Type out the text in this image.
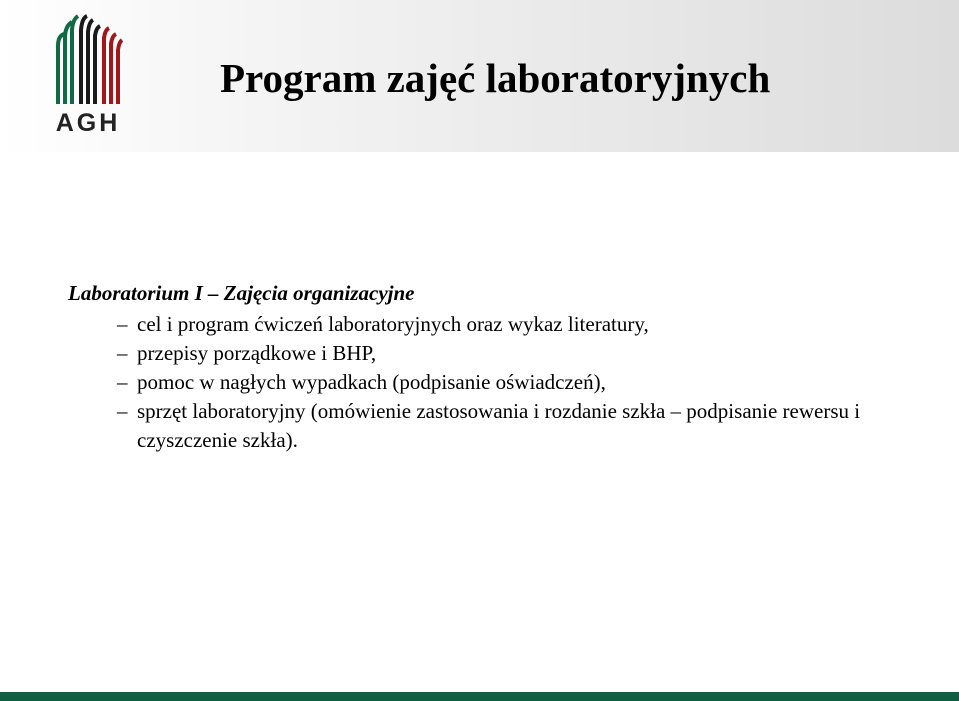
AGH
Program zajęć laboratoryjnych
Laboratorium I – Zajęcia organizacyjne
– cel i program ćwiczeń laboratoryjnych oraz wykaz literatury,
– przepisy porządkowe i BHP,
– pomoc w nagłych wypadkach (podpisanie oświadczeń),
– sprzęt laboratoryjny (omówienie zastosowania i rozdanie szkła – podpisanie rewersu i czyszczenie szkła).
